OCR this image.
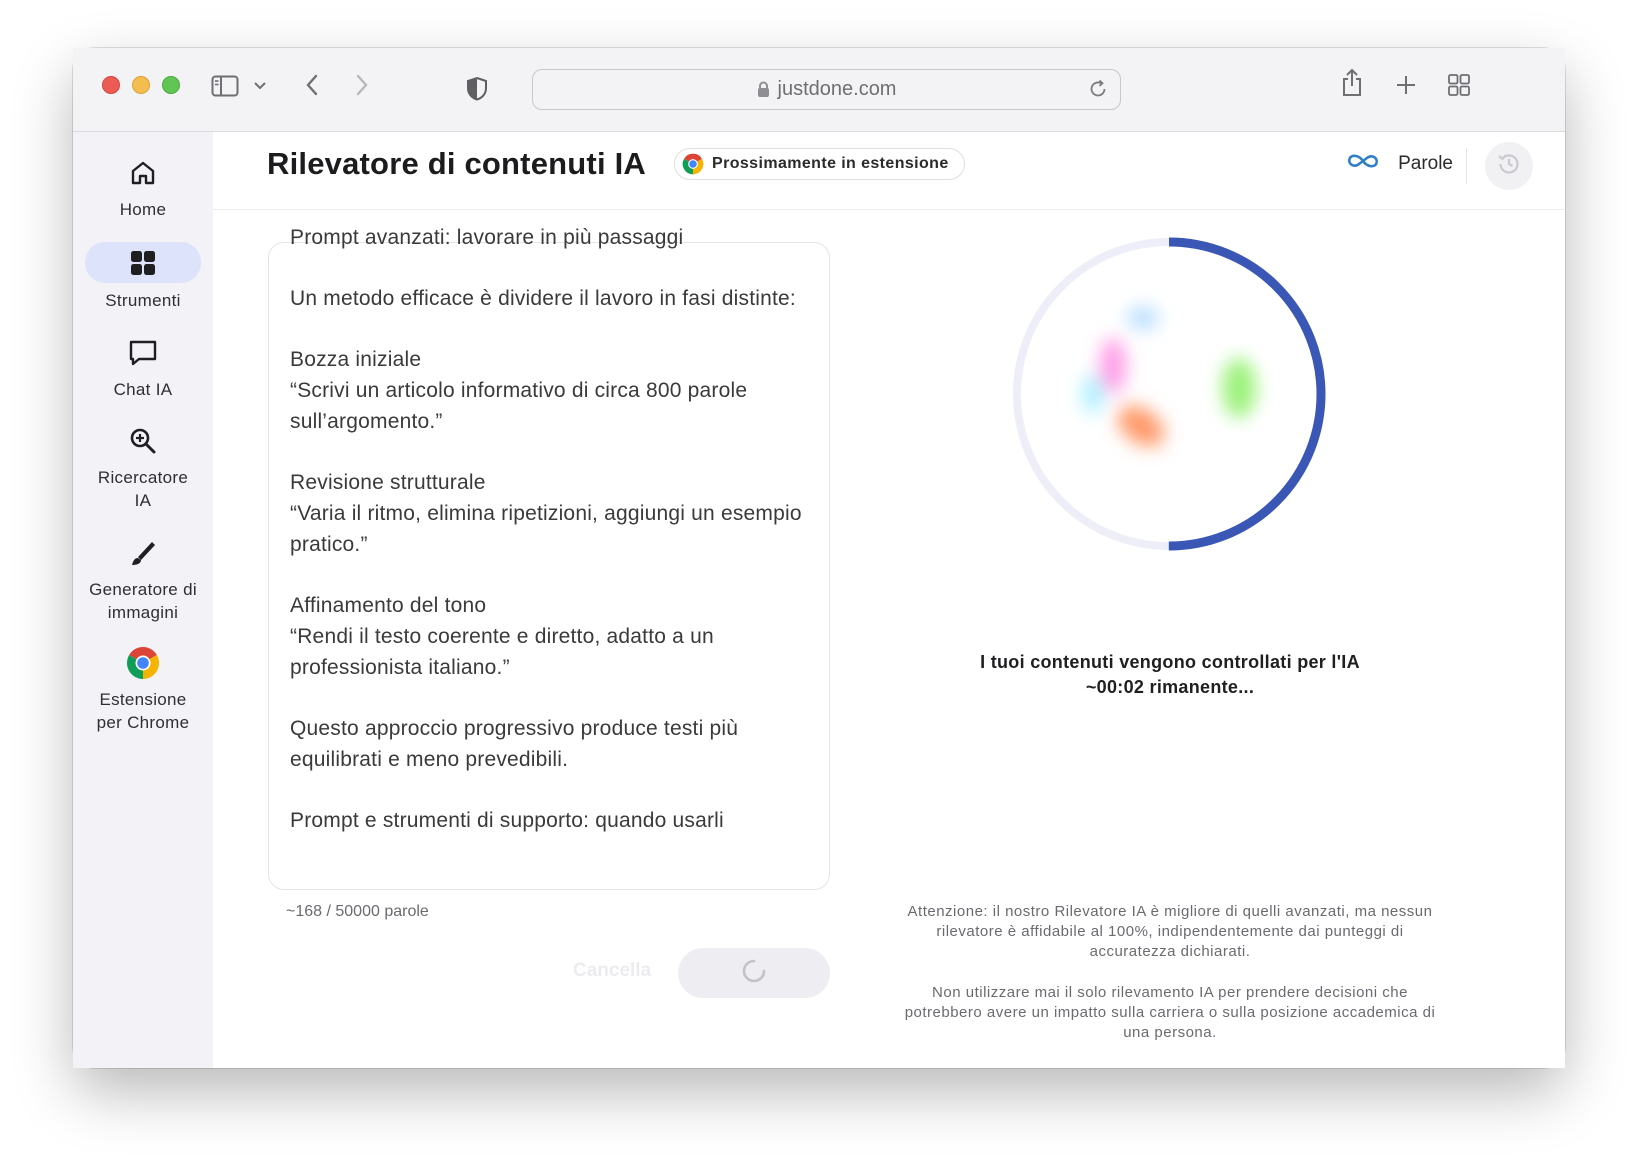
justdone.com
Home
Strumenti
Chat IA
Ricercatore IA
Generatore di immagini
Estensione per Chrome
Rilevatore di contenuti IA	Prossimamente in estensione	Parole

Prompt avanzati: lavorare in più passaggi

Un metodo efficace è dividere il lavoro in fasi distinte:

Bozza iniziale
“Scrivi un articolo informativo di circa 800 parole sull’argomento.”

Revisione strutturale
“Varia il ritmo, elimina ripetizioni, aggiungi un esempio pratico.”

Affinamento del tono
“Rendi il testo coerente e diretto, adatto a un professionista italiano.”

Questo approccio progressivo produce testi più equilibrati e meno prevedibili.

Prompt e strumenti di supporto: quando usarli

~168 / 50000 parole
Cancella
I tuoi contenuti vengono controllati per l'IA
~00:02 rimanente...
Attenzione: il nostro Rilevatore IA è migliore di quelli avanzati, ma nessun rilevatore è affidabile al 100%, indipendentemente dai punteggi di accuratezza dichiarati.
Non utilizzare mai il solo rilevamento IA per prendere decisioni che potrebbero avere un impatto sulla carriera o sulla posizione accademica di una persona.
